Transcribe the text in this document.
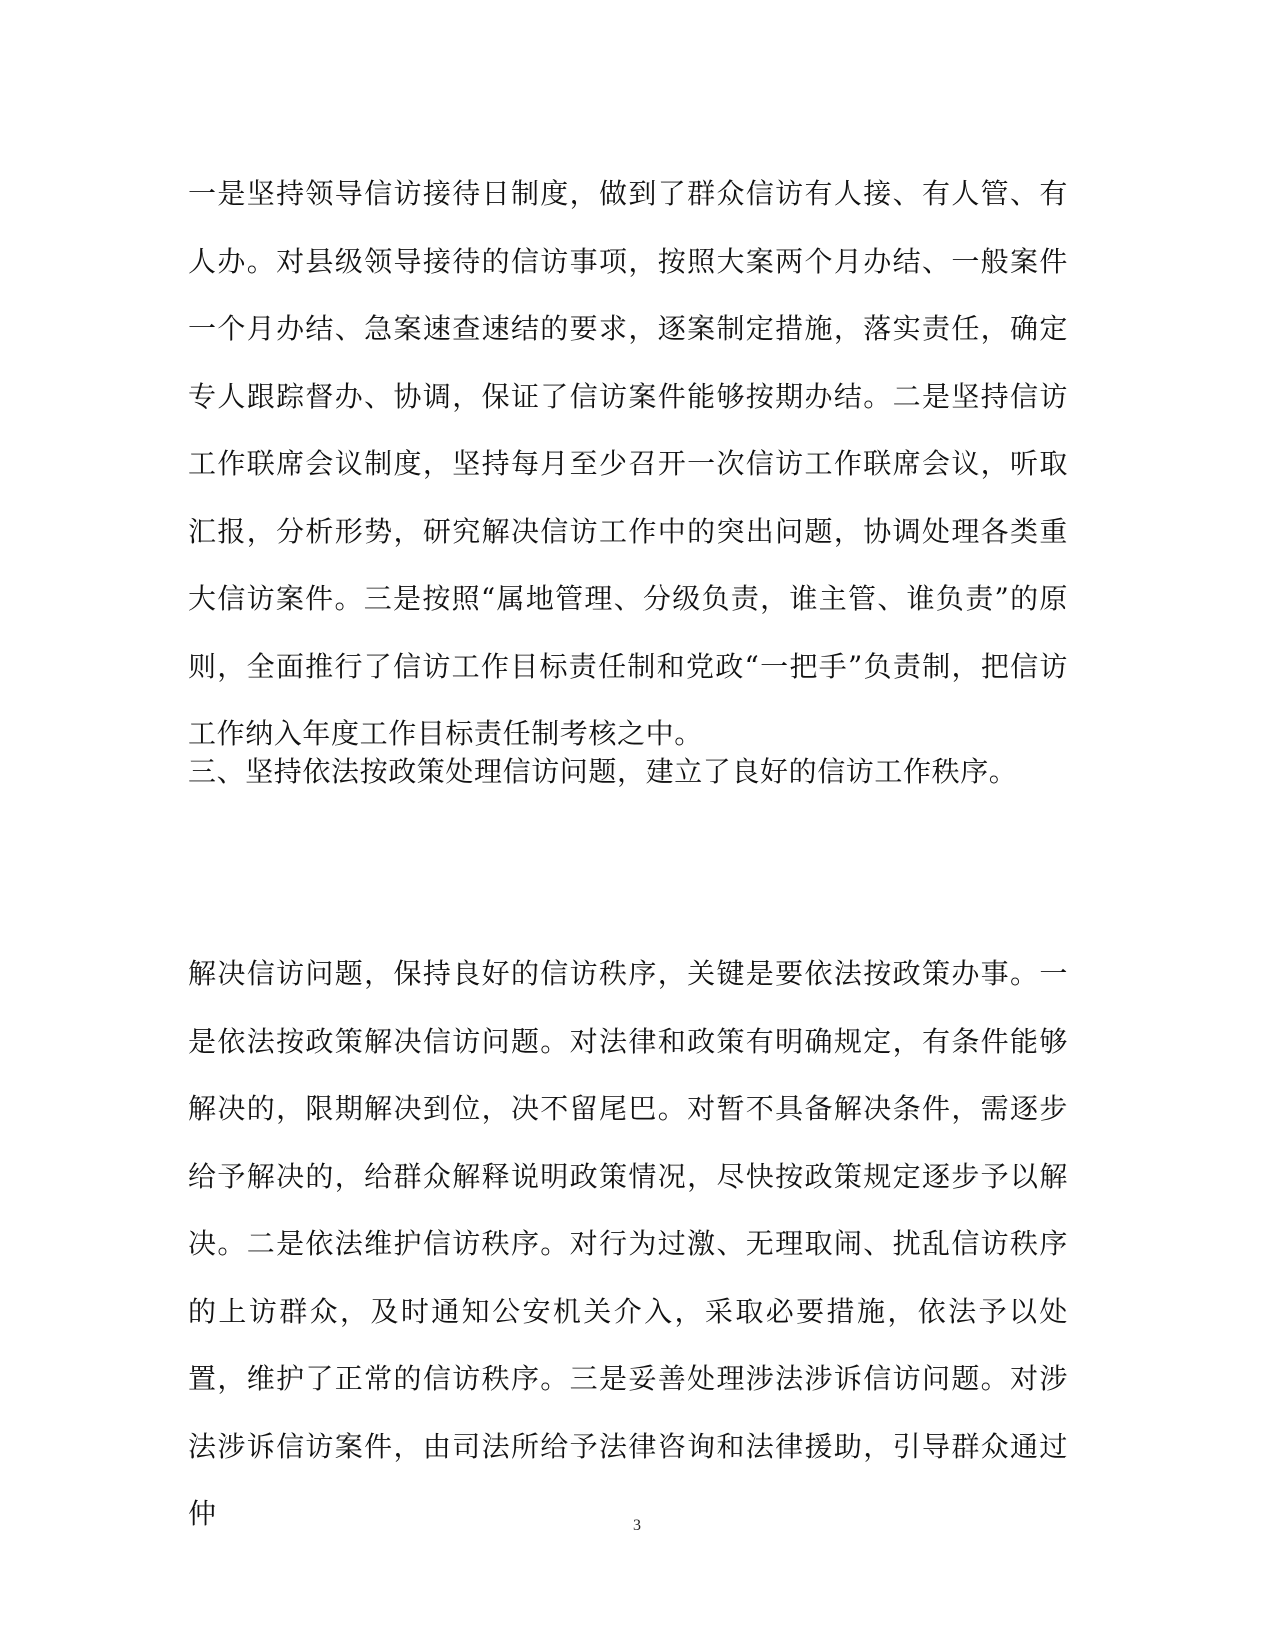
一是坚持领导信访接待日制度，做到了群众信访有人接、有人管、有人办。对县级领导接待的信访事项，按照大案两个月办结、一般案件一个月办结、急案速查速结的要求，逐案制定措施，落实责任，确定专人跟踪督办、协调，保证了信访案件能够按期办结。二是坚持信访工作联席会议制度，坚持每月至少召开一次信访工作联席会议，听取汇报，分析形势，研究解决信访工作中的突出问题，协调处理各类重大信访案件。三是按照“属地管理、分级负责，谁主管、谁负责”的原则，全面推行了信访工作目标责任制和党政“一把手”负责制，把信访工作纳入年度工作目标责任制考核之中。

三、坚持依法按政策处理信访问题，建立了良好的信访工作秩序。

解决信访问题，保持良好的信访秩序，关键是要依法按政策办事。一是依法按政策解决信访问题。对法律和政策有明确规定，有条件能够解决的，限期解决到位，决不留尾巴。对暂不具备解决条件，需逐步给予解决的，给群众解释说明政策情况，尽快按政策规定逐步予以解决。二是依法维护信访秩序。对行为过激、无理取闹、扰乱信访秩序的上访群众，及时通知公安机关介入，采取必要措施，依法予以处置，维护了正常的信访秩序。三是妥善处理涉法涉诉信访问题。对涉法涉诉信访案件，由司法所给予法律咨询和法律援助，引导群众通过仲	3
